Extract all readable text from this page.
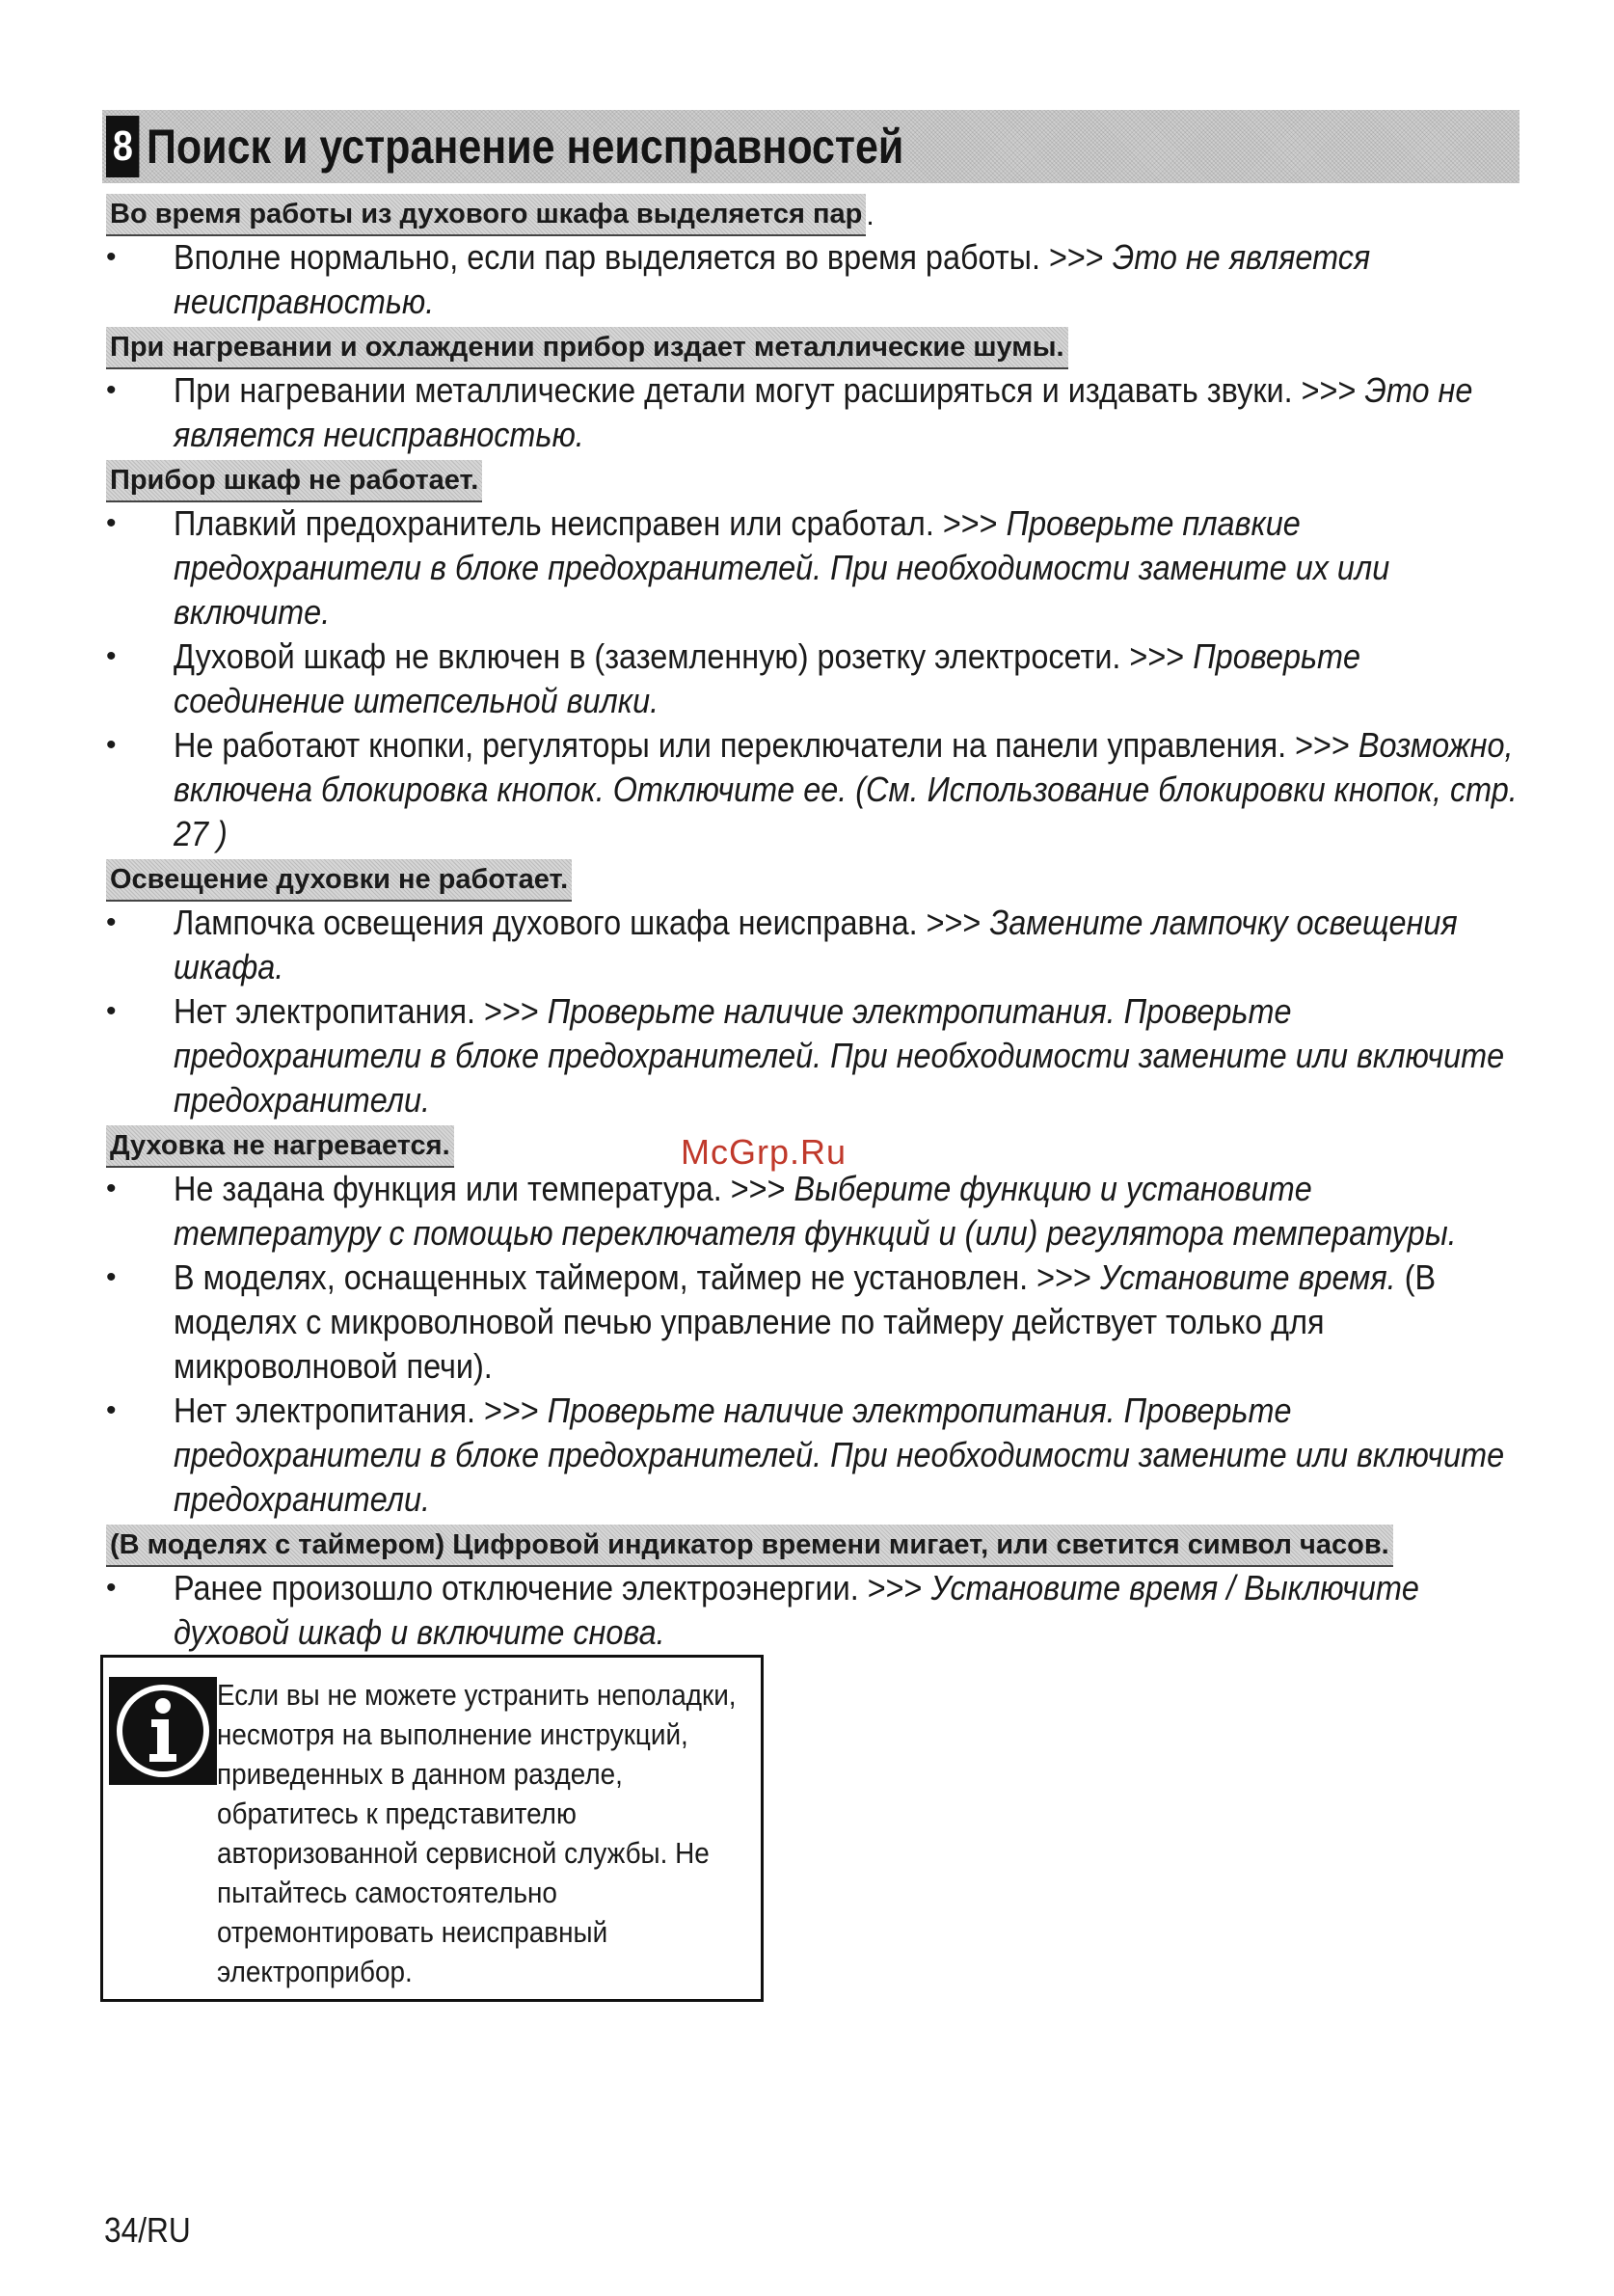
8 Поиск и устранение неисправностей
Во время работы из духового шкафа выделяется пар .
•	Вполне нормально, если пар выделяется во время работы. >>> Это не является неисправностью.
При нагревании и охлаждении прибор издает металлические шумы.
•	При нагревании металлические детали могут расширяться и издавать звуки. >>> Это не является неисправностью.
Прибор шкаф не работает.
•	Плавкий предохранитель неисправен или сработал. >>> Проверьте плавкие предохранители в блоке предохранителей. При необходимости замените их или включите.
•	Духовой шкаф не включен в (заземленную) розетку электросети. >>> Проверьте соединение штепсельной вилки.
•	Не работают кнопки, регуляторы или переключатели на панели управления. >>> Возможно, включена блокировка кнопок. Отключите ее. (См. Использование блокировки кнопок, стр. 27 )
Освещение духовки не работает.
•	Лампочка освещения духового шкафа неисправна. >>> Замените лампочку освещения шкафа.
•	Нет электропитания. >>> Проверьте наличие электропитания. Проверьте предохранители в блоке предохранителей. При необходимости замените или включите предохранители.
Духовка не нагревается.
•	Не задана функция или температура. >>> Выберите функцию и установите температуру с помощью переключателя функций и (или) регулятора температуры.
•	В моделях, оснащенных таймером, таймер не установлен. >>> Установите время. (В моделях с микроволновой печью управление по таймеру действует только для микроволновой печи).
•	Нет электропитания. >>> Проверьте наличие электропитания. Проверьте предохранители в блоке предохранителей. При необходимости замените или включите предохранители.
(В моделях с таймером) Цифровой индикатор времени мигает, или светится символ часов.
•	Ранее произошло отключение электроэнергии. >>> Установите время / Выключите духовой шкаф и включите снова.
McGrp.Ru
Если вы не можете устранить неполадки, несмотря на выполнение инструкций, приведенных в данном разделе, обратитесь к представителю авторизованной сервисной службы. Не пытайтесь самостоятельно отремонтировать неисправный электроприбор.
34/RU
